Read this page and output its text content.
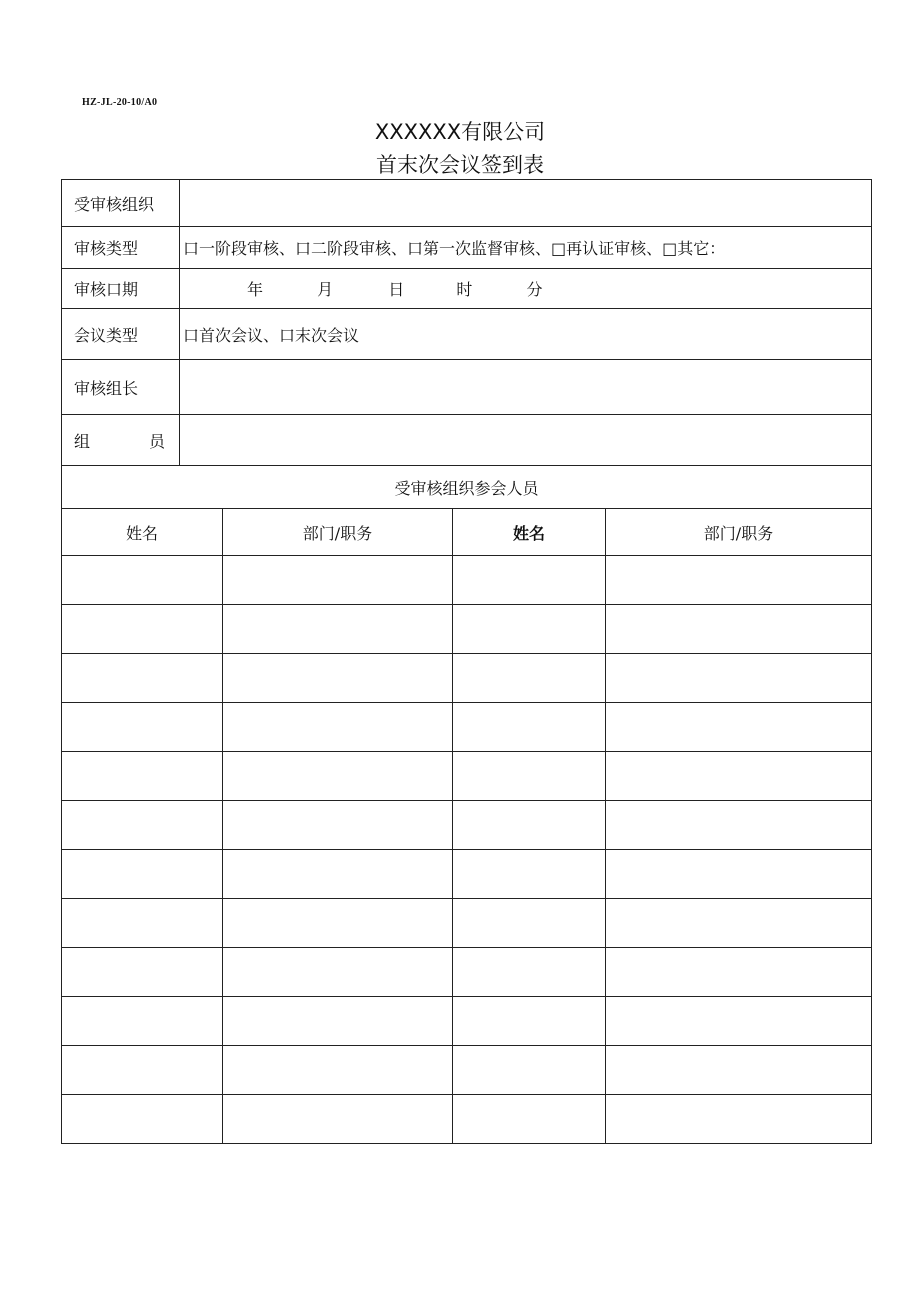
HZ-JL-20-10/A0
XXXXXX有限公司
首末次会议签到表
受审核组织				
审核类型	口一阶段审核、口二阶段审核、口第一次监督审核、□再认证审核、□其它：			
审核口期	年 月 日 时 分			
会议类型	口首次会议、口末次会议			
审核组长				

组 员				

受审核组织参会人员				
姓名		部门/职务	姓名	部门/职务
